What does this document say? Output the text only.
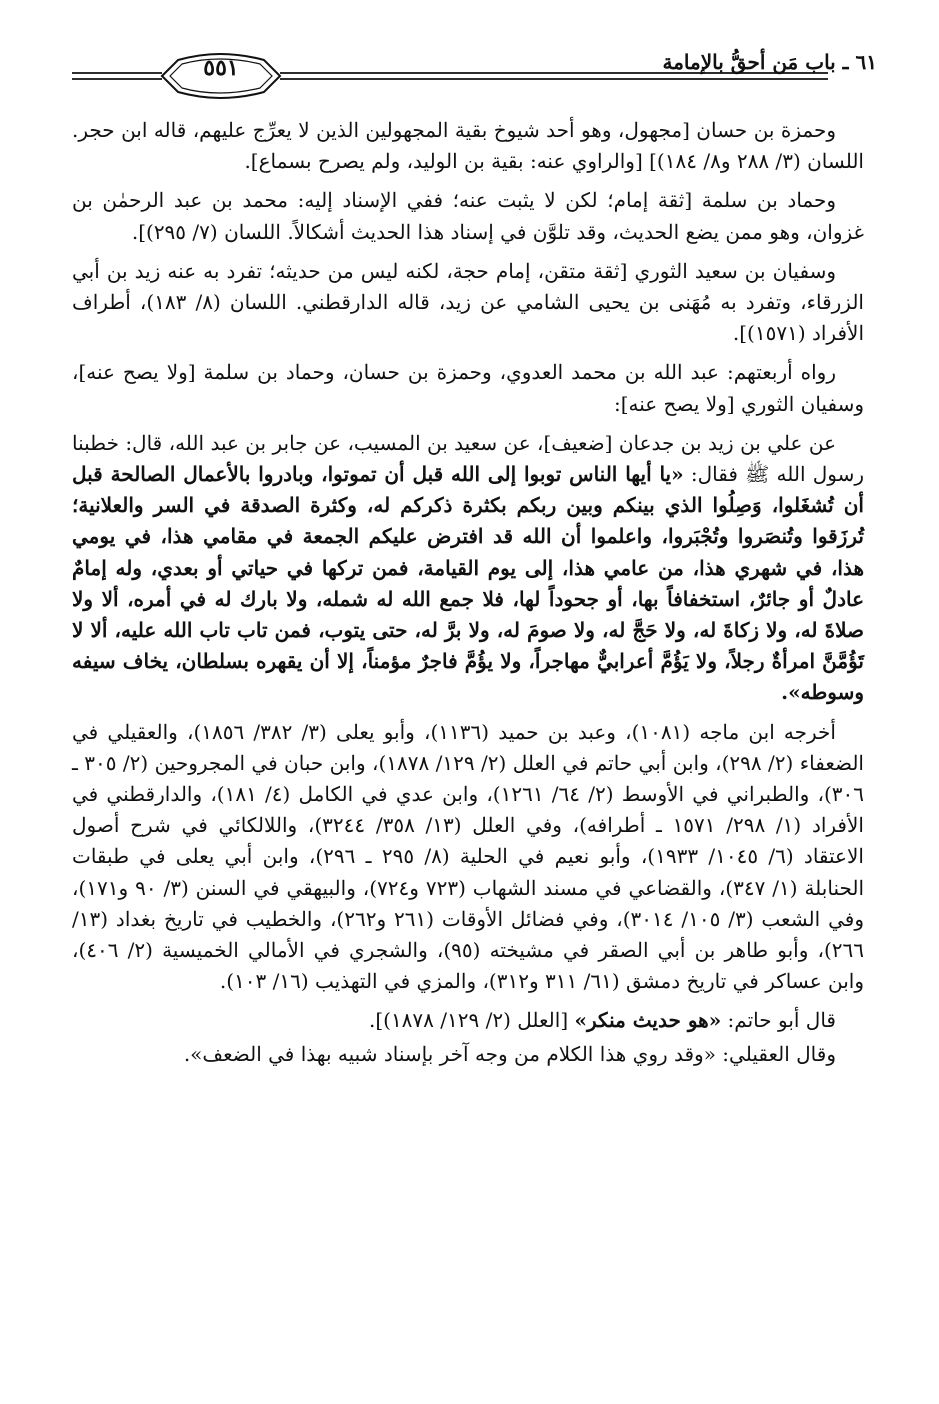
٥٥١	٦١ ـ باب مَن أحقُّ بالإمامة

وحمزة بن حسان [مجهول، وهو أحد شيوخ بقية المجهولين الذين لا يعرِّج عليهم، قاله ابن حجر. اللسان (٣/ ٢٨٨ و٨/ ١٨٤)] [والراوي عنه: بقية بن الوليد، ولم يصرح بسماع].

وحماد بن سلمة [ثقة إمام؛ لكن لا يثبت عنه؛ ففي الإسناد إليه: محمد بن عبد الرحمٰن بن غزوان، وهو ممن يضع الحديث، وقد تلوَّن في إسناد هذا الحديث أشكالاً. اللسان (٧/ ٢٩٥)].

وسفيان بن سعيد الثوري [ثقة متقن، إمام حجة، لكنه ليس من حديثه؛ تفرد به عنه زيد بن أبي الزرقاء، وتفرد به مُهَنى بن يحيى الشامي عن زيد، قاله الدارقطني. اللسان (٨/ ١٨٣)، أطراف الأفراد (١٥٧١)].

رواه أربعتهم: عبد الله بن محمد العدوي، وحمزة بن حسان، وحماد بن سلمة [ولا يصح عنه]، وسفيان الثوري [ولا يصح عنه]:

عن علي بن زيد بن جدعان [ضعيف]، عن سعيد بن المسيب، عن جابر بن عبد الله، قال: خطبنا رسول الله ﷺ فقال: «يا أيها الناس توبوا إلى الله قبل أن تموتوا، وبادروا بالأعمال الصالحة قبل أن تُشغَلوا، وَصِلُوا الذي بينكم وبين ربكم بكثرة ذكركم له، وكثرة الصدقة في السر والعلانية؛ تُرزَقوا وتُنصَروا وتُجْبَروا، واعلموا أن الله قد افترض عليكم الجمعة في مقامي هذا، في يومي هذا، في شهري هذا، من عامي هذا، إلى يوم القيامة، فمن تركها في حياتي أو بعدي، وله إمامٌ عادلٌ أو جائرٌ، استخفافاً بها، أو جحوداً لها، فلا جمع الله له شمله، ولا بارك له في أمره، ألا ولا صلاةَ له، ولا زكاةَ له، ولا حَجَّ له، ولا صومَ له، ولا برَّ له، حتى يتوب، فمن تاب تاب الله عليه، ألا لا تَؤُمَّنَّ امرأةٌ رجلاً، ولا يَؤُمَّ أعرابيٌّ مهاجراً، ولا يؤُمَّ فاجرٌ مؤمناً، إلا أن يقهره بسلطان، يخاف سيفه وسوطه».

أخرجه ابن ماجه (١٠٨١)، وعبد بن حميد (١١٣٦)، وأبو يعلى (٣/ ٣٨٢/ ١٨٥٦)، والعقيلي في الضعفاء (٢/ ٢٩٨)، وابن أبي حاتم في العلل (٢/ ١٢٩/ ١٨٧٨)، وابن حبان في المجروحين (٢/ ٣٠٥ ـ ٣٠٦)، والطبراني في الأوسط (٢/ ٦٤/ ١٢٦١)، وابن عدي في الكامل (٤/ ١٨١)، والدارقطني في الأفراد (١/ ٢٩٨/ ١٥٧١ ـ أطرافه)، وفي العلل (١٣/ ٣٥٨/ ٣٢٤٤)، واللالكائي في شرح أصول الاعتقاد (٦/ ١٠٤٥/ ١٩٣٣)، وأبو نعيم في الحلية (٨/ ٢٩٥ ـ ٢٩٦)، وابن أبي يعلى في طبقات الحنابلة (١/ ٣٤٧)، والقضاعي في مسند الشهاب (٧٢٣ و٧٢٤)، والبيهقي في السنن (٣/ ٩٠ و١٧١)، وفي الشعب (٣/ ١٠٥/ ٣٠١٤)، وفي فضائل الأوقات (٢٦١ و٢٦٢)، والخطيب في تاريخ بغداد (١٣/ ٢٦٦)، وأبو طاهر بن أبي الصقر في مشيخته (٩٥)، والشجري في الأمالي الخميسية (٢/ ٤٠٦)، وابن عساكر في تاريخ دمشق (٦١/ ٣١١ و٣١٢)، والمزي في التهذيب (١٦/ ١٠٣).

قال أبو حاتم: «هو حديث منكر» [العلل (٢/ ١٢٩/ ١٨٧٨)].

وقال العقيلي: «وقد روي هذا الكلام من وجه آخر بإسناد شبيه بهذا في الضعف».
